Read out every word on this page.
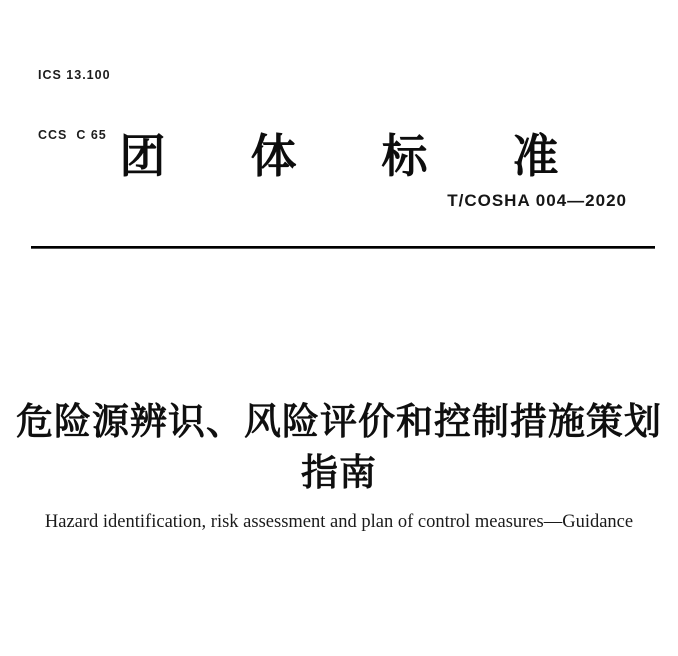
ICS 13.100

CCS  C 65

团体标准
T/COSHA 004—2020
危险源辨识、风险评价和控制措施策划
指南
Hazard identification, risk assessment and plan of control measures—Guidance
